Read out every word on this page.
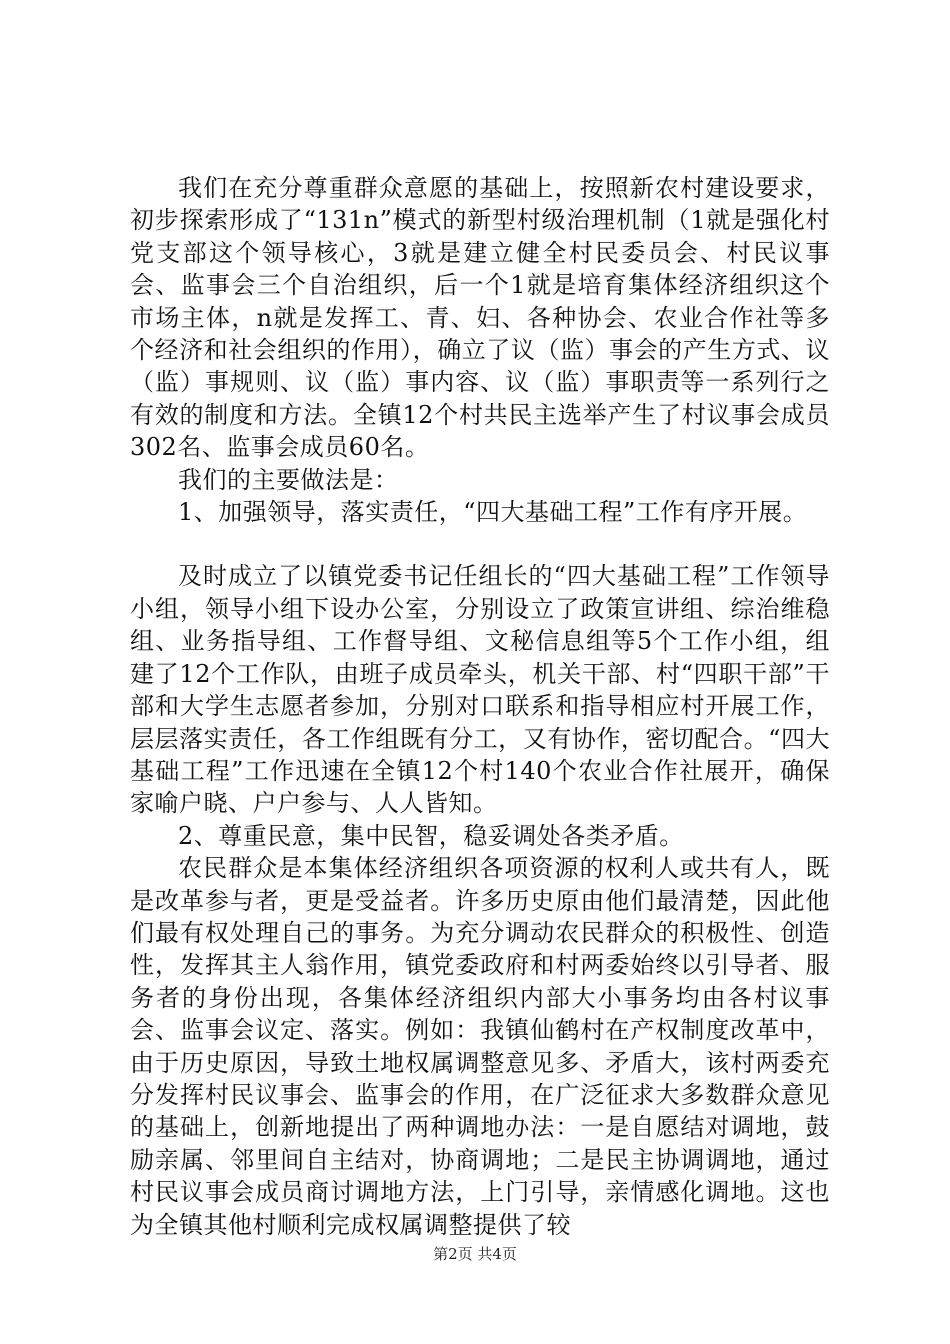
我们在充分尊重群众意愿的基础上，按照新农村建设要求，初步探索形成了“131n”模式的新型村级治理机制（1就是强化村党支部这个领导核心，3就是建立健全村民委员会、村民议事会、监事会三个自治组织，后一个1就是培育集体经济组织这个市场主体，n就是发挥工、青、妇、各种协会、农业合作社等多个经济和社会组织的作用），确立了议（监）事会的产生方式、议（监）事规则、议（监）事内容、议（监）事职责等一系列行之有效的制度和方法。全镇12个村共民主选举产生了村议事会成员302名、监事会成员60名。

我们的主要做法是：

1、加强领导，落实责任，“四大基础工程”工作有序开展。

及时成立了以镇党委书记任组长的“四大基础工程”工作领导小组，领导小组下设办公室，分别设立了政策宣讲组、综治维稳组、业务指导组、工作督导组、文秘信息组等5个工作小组，组建了12个工作队，由班子成员牵头，机关干部、村“四职干部”干部和大学生志愿者参加，分别对口联系和指导相应村开展工作，层层落实责任，各工作组既有分工，又有协作，密切配合。“四大基础工程”工作迅速在全镇12个村140个农业合作社展开，确保家喻户晓、户户参与、人人皆知。

2、尊重民意，集中民智，稳妥调处各类矛盾。

农民群众是本集体经济组织各项资源的权利人或共有人，既是改革参与者，更是受益者。许多历史原由他们最清楚，因此他们最有权处理自己的事务。为充分调动农民群众的积极性、创造性，发挥其主人翁作用，镇党委政府和村两委始终以引导者、服务者的身份出现，各集体经济组织内部大小事务均由各村议事会、监事会议定、落实。例如：我镇仙鹤村在产权制度改革中，由于历史原因，导致土地权属调整意见多、矛盾大，该村两委充分发挥村民议事会、监事会的作用，在广泛征求大多数群众意见的基础上，创新地提出了两种调地办法：一是自愿结对调地，鼓励亲属、邻里间自主结对，协商调地；二是民主协调调地，通过村民议事会成员商讨调地方法，上门引导，亲情感化调地。这也为全镇其他村顺利完成权属调整提供了较

第2页 共4页
